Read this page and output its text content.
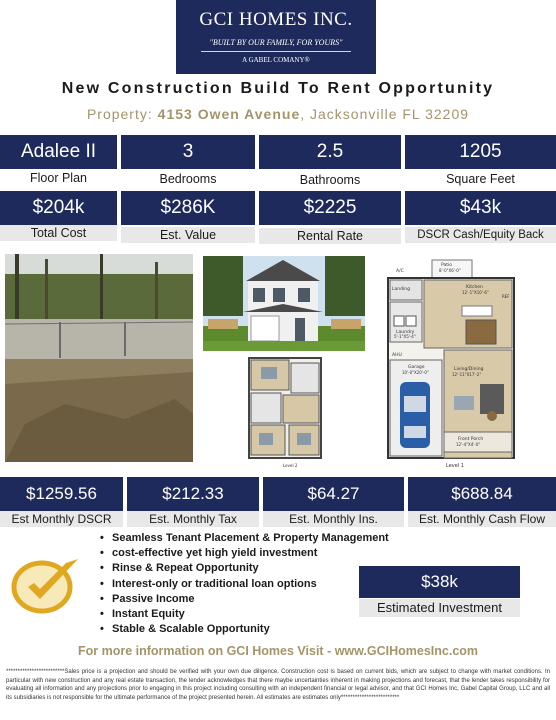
GCI HOMES INC.
"BUILT BY OUR FAMILY, FOR YOURS"
A GABEL COMANY®
New Construction Build To Rent Opportunity
Property: 4153 Owen Avenue, Jacksonville FL 32209
Adalee II	3	2.5	1205
Floor Plan	Bedrooms	Bathrooms	Square Feet
$204k	$286K	$2225	$43k
Total Cost	Est. Value	Rental Rate	DSCR Cash/Equity Back
Level 2
Patio
8'-0"X6'-0"
A/C
Landing	Kitchen
12'-1"X10'-6"
REF
Laundry
5'-1"X5'-4"
AHU
Garage
10'-0"X20'-0"
Living/Dining
12'-11"X17'-2"
Front Porch
12'-4"X4'-0"
Level 1
$1259.56	$212.33	$64.27	$688.84
Est Monthly DSCR	Est. Monthly Tax	Est. Monthly Ins.	Est. Monthly Cash Flow
• Seamless Tenant Placement & Property Management
• cost-effective yet high yield investment
• Rinse & Repeat Opportunity
• Interest-only or traditional loan options
• Passive Income
• Instant Equity
• Stable & Scalable Opportunity
$38k
Estimated Investment
For more information on GCI Homes Visit - www.GCIHomesInc.com
*************************Sales price is a projection and should be verified with your own due diligence. Construction cost is based on current bids, which are subject to change with market conditions. In particular with new construction and any real estate transaction, the lender acknowledges that there maybe uncertainties inherent in making projections and forecast, that the lender takes responsibility for evaluating all information and any projections prior to engaging in this project including consulting with an independent financial or legal advisor, and that GCI Homes Inc, Gabel Capital Group, LLC and all its subsidiaries is not responsible for the ultimate performance of the project presented herein. All estimates are estimates only*************************
